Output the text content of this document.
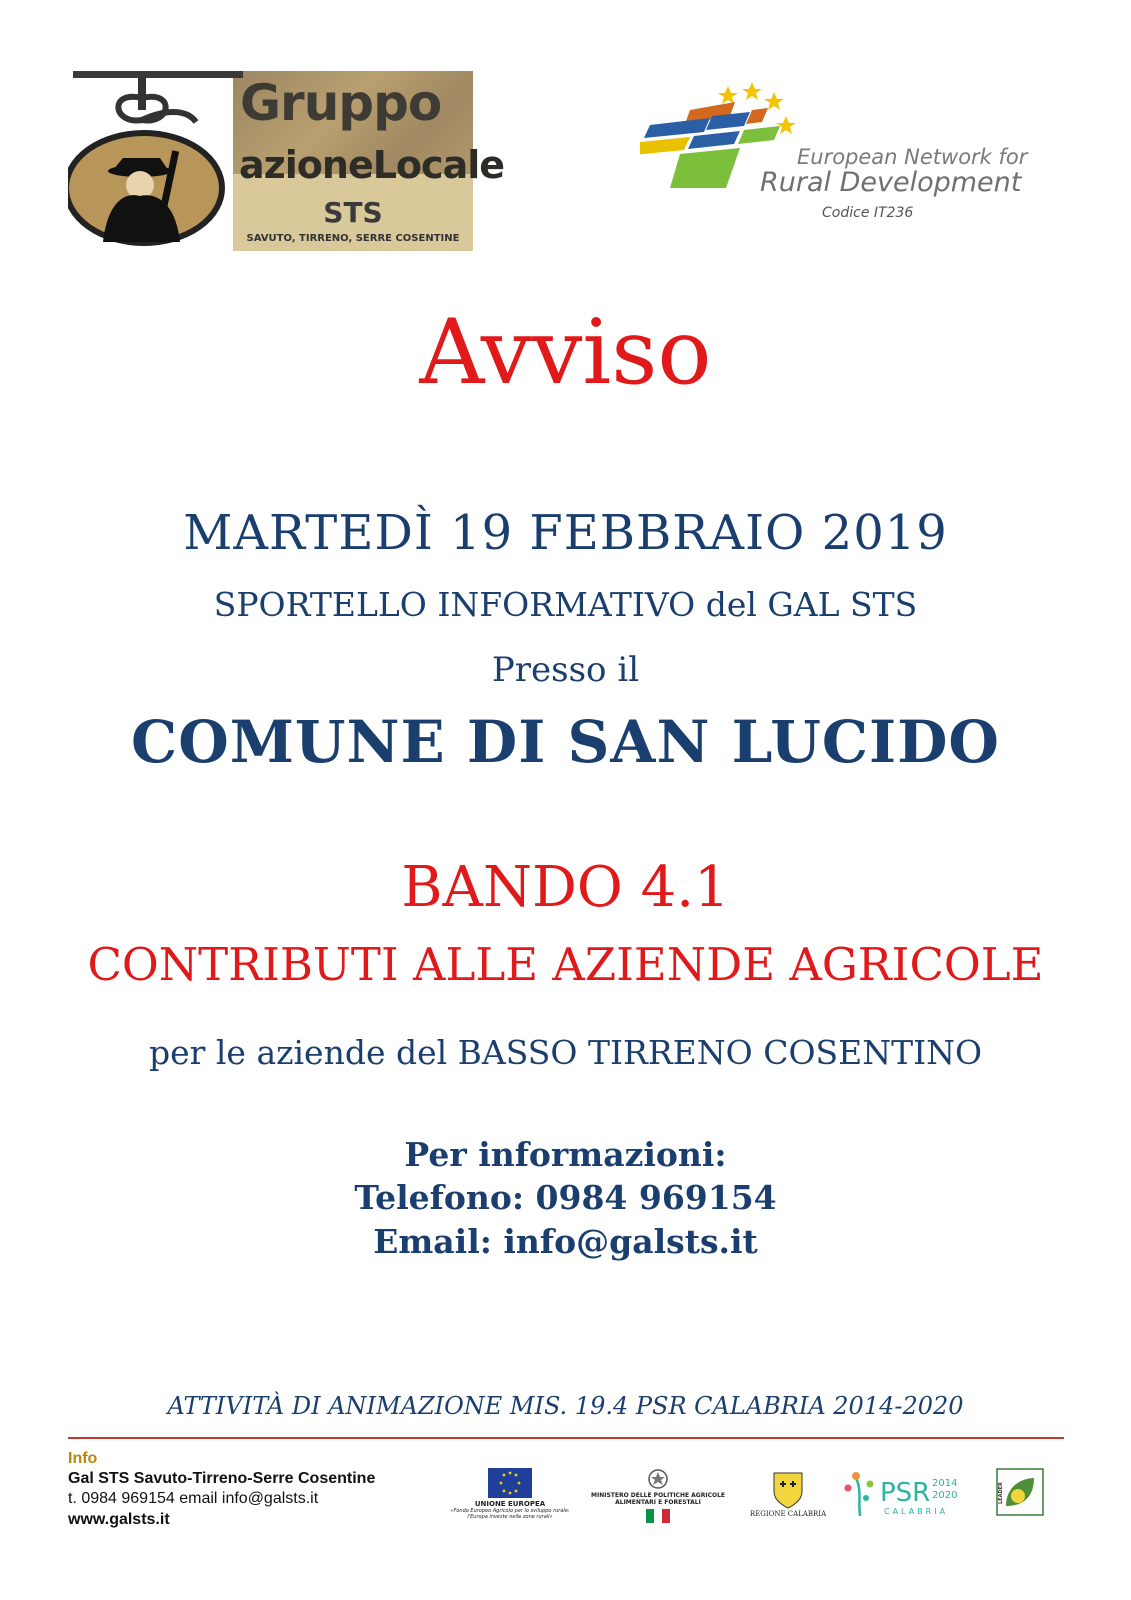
Gruppo
azioneLocale
STS
SAVUTO, TIRRENO, SERRE COSENTINE
European Network for
Rural Development
Codice IT236
Avviso
MARTEDÌ 19 FEBBRAIO 2019
SPORTELLO INFORMATIVO del GAL STS
Presso il
COMUNE DI SAN LUCIDO
BANDO 4.1
CONTRIBUTI ALLE AZIENDE AGRICOLE
per le aziende del BASSO TIRRENO COSENTINO
Per informazioni:
Telefono: 0984 969154
Email: info@galsts.it
ATTIVITÀ DI ANIMAZIONE MIS. 19.4 PSR CALABRIA 2014-2020
Info
Gal STS Savuto-Tirreno-Serre Cosentine
t. 0984 969154 email info@galsts.it
www.galsts.it
UNIONE EUROPEA
«Fondo Europeo Agricolo per lo sviluppo rurale: l'Europa investe nelle zone rurali»
MINISTERO DELLE POLITICHE AGRICOLE ALIMENTARI E FORESTALI
REGIONE CALABRIA
PSR 2014
2020
CALABRIA
LEADER
